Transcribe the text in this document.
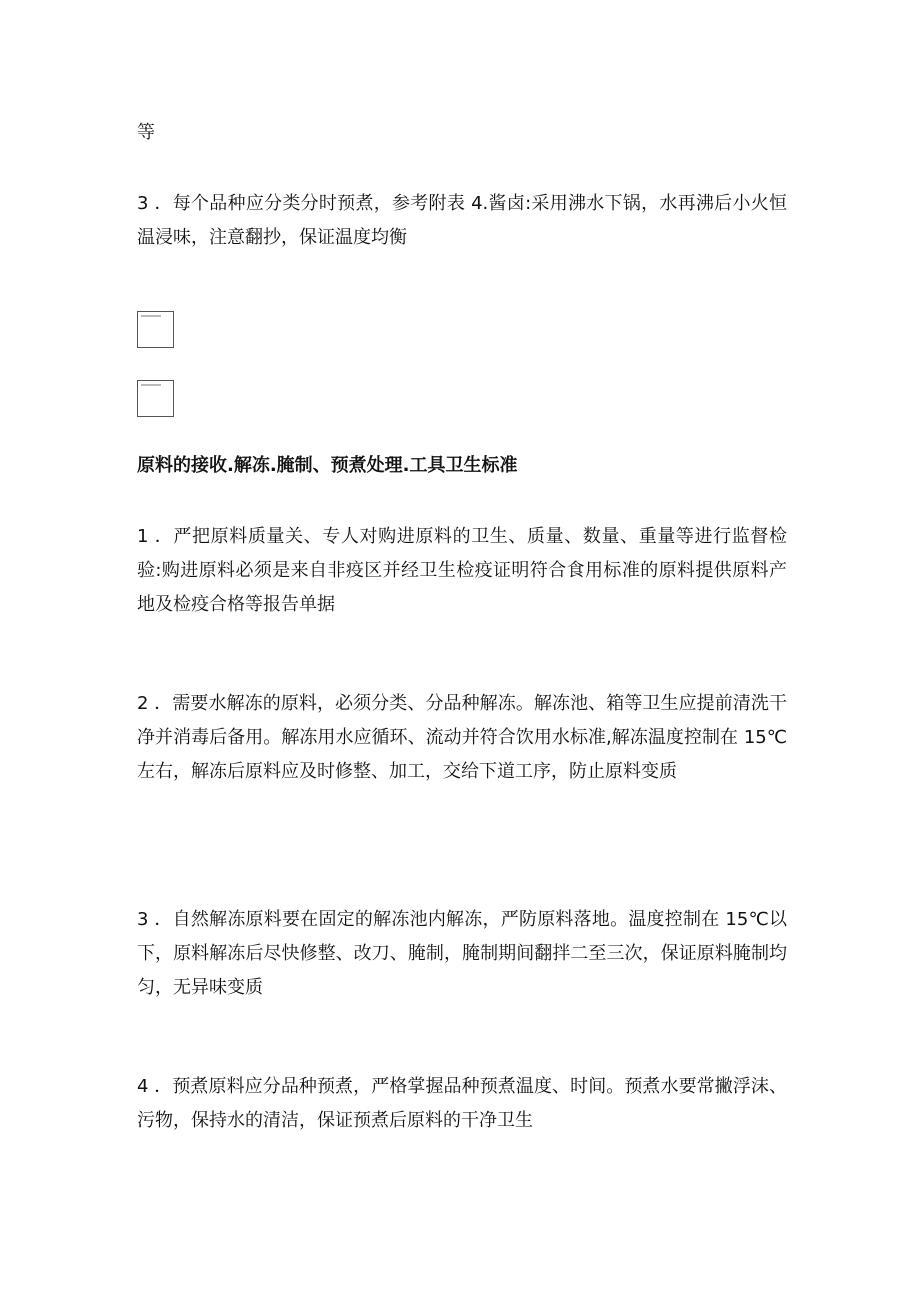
等

3 ．每个品种应分类分时预煮，参考附表 4.酱卤:采用沸水下锅，水再沸后小火恒温浸味，注意翻抄，保证温度均衡

原料的接收.解冻.腌制、预煮处理.工具卫生标准

1 ．严把原料质量关、专人对购进原料的卫生、质量、数量、重量等进行监督检验:购进原料必须是来自非疫区并经卫生检疫证明符合食用标准的原料提供原料产地及检疫合格等报告单据

2 ．需要水解冻的原料，必须分类、分品种解冻。解冻池、箱等卫生应提前清洗干净并消毒后备用。解冻用水应循环、流动并符合饮用水标准,解冻温度控制在 15℃左右，解冻后原料应及时修整、加工，交给下道工序，防止原料变质

3 ．自然解冻原料要在固定的解冻池内解冻，严防原料落地。温度控制在 15℃以下，原料解冻后尽快修整、改刀、腌制，腌制期间翻拌二至三次，保证原料腌制均匀，无异味变质

4 ．预煮原料应分品种预煮，严格掌握品种预煮温度、时间。预煮水要常撇浮沫、污物，保持水的清洁，保证预煮后原料的干净卫生
